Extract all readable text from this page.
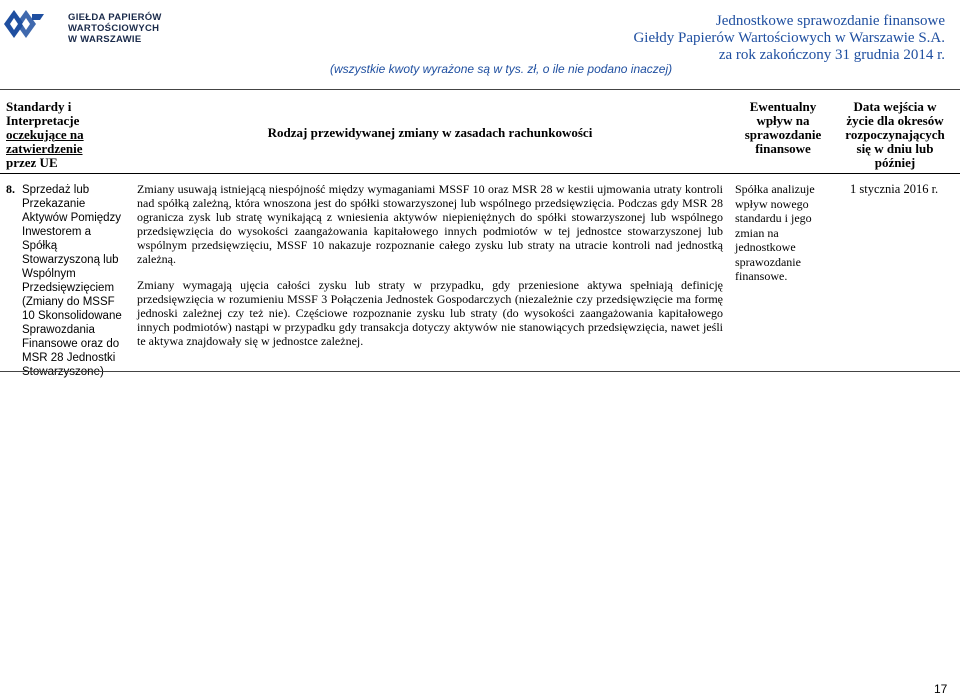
GIEŁDA PAPIERÓW
WARTOŚCIOWYCH
W WARSZAWIE
Jednostkowe sprawozdanie finansowe
Giełdy Papierów Wartościowych w Warszawie S.A.
za rok zakończony 31 grudnia 2014 r.
(wszystkie kwoty wyrażone są w tys. zł, o ile nie podano inaczej)
Standardy i
Interpretacje
oczekujące na
zatwierdzenie
przez UE
Rodzaj przewidywanej zmiany w zasadach rachunkowości
Ewentualny
wpływ na
sprawozdanie
finansowe
Data wejścia w
życie dla okresów
rozpoczynających
się w dniu lub
później
8. Sprzedaż lub
Przekazanie
Aktywów Pomiędzy
Inwestorem a Spółką
Stowarzyszoną lub
Wspólnym
Przedsięwzięciem
(Zmiany do MSSF
10 Skonsolidowane
Sprawozdania
Finansowe oraz do
MSR 28 Jednostki
Stowarzyszone)

Zmiany usuwają istniejącą niespójność między wymaganiami MSSF 10 oraz MSR 28 w kestii ujmowania utraty kontroli nad spółką zależną, która wnoszona jest do spółki stowarzyszonej lub wspólnego przedsięwzięcia. Podczas gdy MSR 28 ogranicza zysk lub stratę wynikającą z wniesienia aktywów niepieniężnych do spółki stowarzyszonej lub wspólnego przedsięwzięcia do wysokości zaangażowania kapitałowego innych podmiotów w tej jednostce stowarzyszonej lub wspólnym przedsięwzięciu, MSSF 10 nakazuje rozpoznanie całego zysku lub straty na utracie kontroli nad jednostką zależną.

Zmiany wymagają ujęcia całości zysku lub straty w przypadku, gdy przeniesione aktywa spełniają definicję przedsięwzięcia w rozumieniu MSSF 3 Połączenia Jednostek Gospodarczych (niezależnie czy przedsięwzięcie ma formę jednoski zależnej czy też nie). Częściowe rozpoznanie zysku lub straty (do wysokości zaangażowania kapitałowego innych podmiotów) nastąpi w przypadku gdy transakcja dotyczy aktywów nie stanowiących przedsięwzięcia, nawet jeśli te aktywa znajdowały się w jednostce zależnej.

Spółka analizuje
wpływ nowego
standardu i jego
zmian na
jednostkowe
sprawozdanie
finansowe.
1 stycznia 2016 r.
17
